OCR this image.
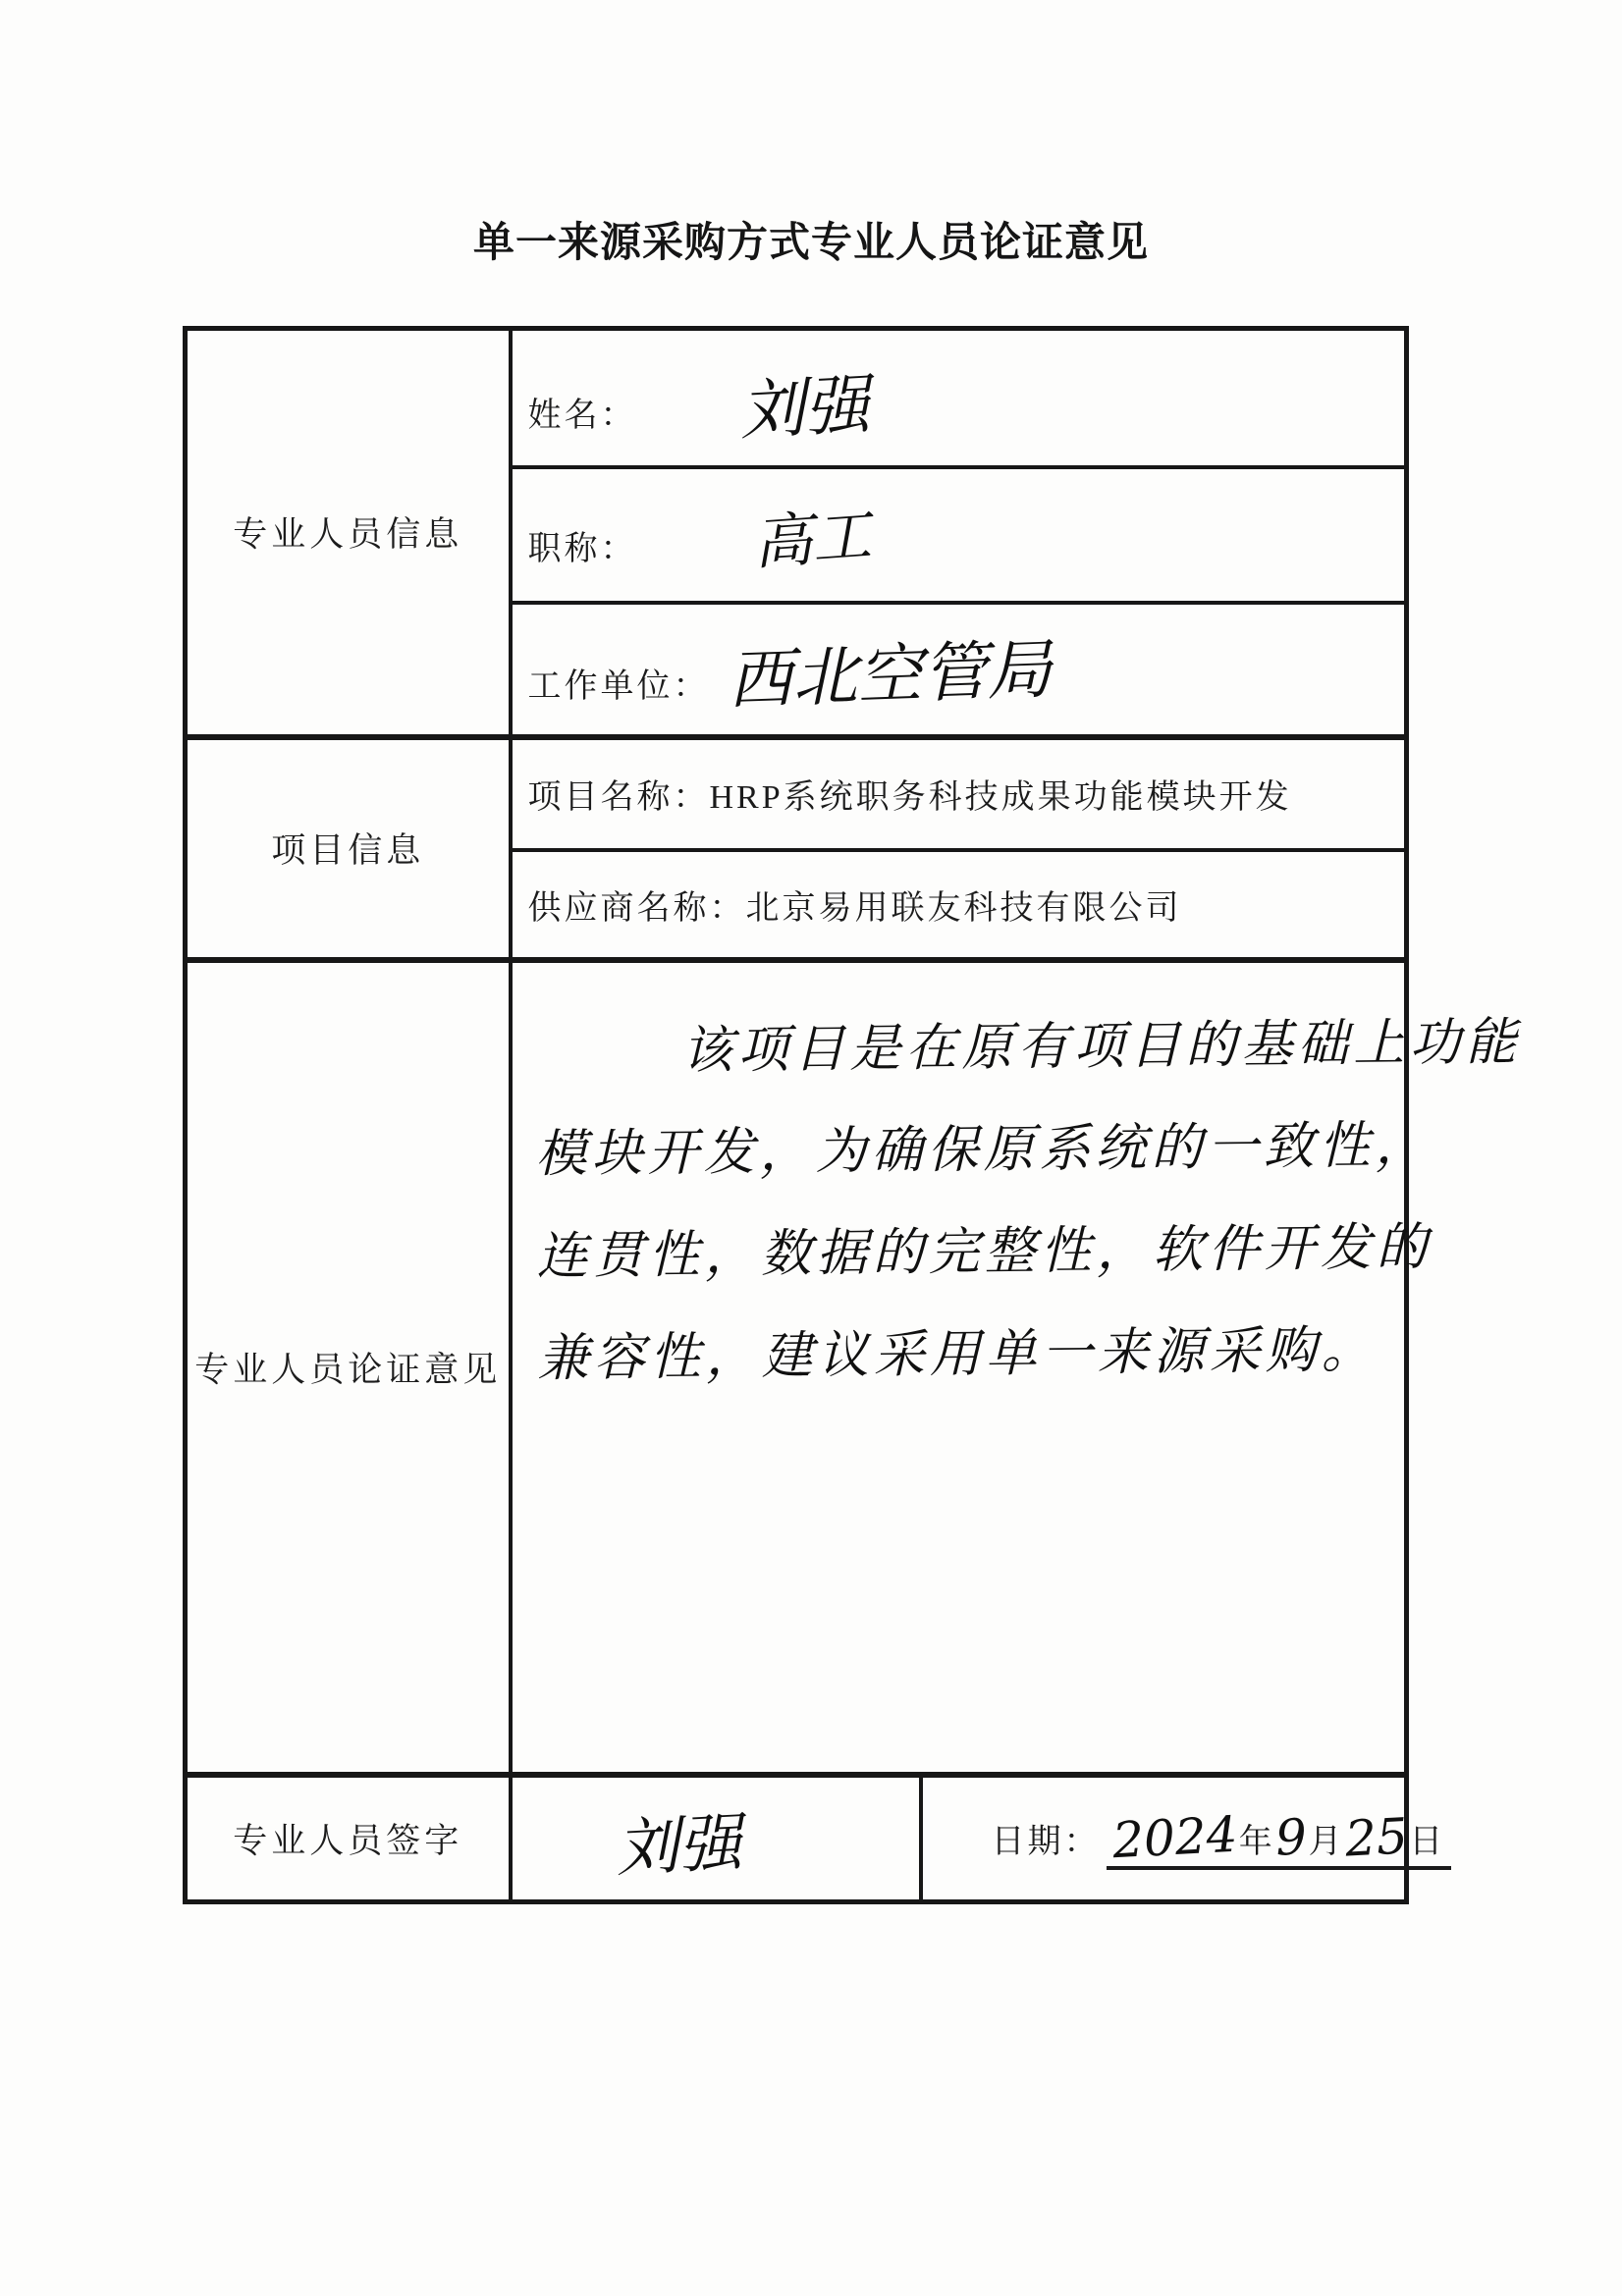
单一来源采购方式专业人员论证意见
专业人员信息	姓名： 刘强	
	职称： 高工	
	工作单位： 西北空管局	
项目信息	项目名称：HRP系统职务科技成果功能模块开发	
	供应商名称：北京易用联友科技有限公司	
专业人员论证意见	该项目是在原有项目的基础上功能
模块开发，为确保原系统的一致性，
连贯性，数据的完整性，软件开发的
兼容性，建议采用单一来源采购。	

专业人员签字	刘强	日期： 2024年9月25日
